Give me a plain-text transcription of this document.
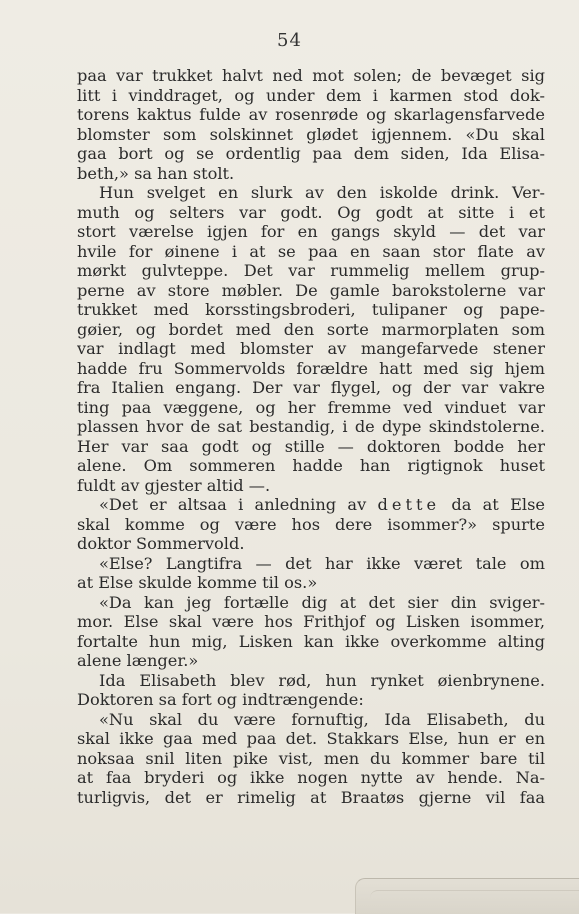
54
paa var trukket halvt ned mot solen; de bevæget sig
litt i vinddraget, og under dem i karmen stod dok-
torens kaktus fulde av rosenrøde og skarlagensfarvede
blomster som solskinnet glødet igjennem. «Du skal
gaa bort og se ordentlig paa dem siden, Ida Elisa-
beth,» sa han stolt.
Hun svelget en slurk av den iskolde drink. Ver-
muth og selters var godt. Og godt at sitte i et
stort værelse igjen for en gangs skyld — det var
hvile for øinene i at se paa en saan stor flate av
mørkt gulvteppe. Det var rummelig mellem grup-
perne av store møbler. De gamle barokstolerne var
trukket med korsstingsbroderi, tulipaner og pape-
gøier, og bordet med den sorte marmorplaten som
var indlagt med blomster av mangefarvede stener
hadde fru Sommervolds forældre hatt med sig hjem
fra Italien engang. Der var flygel, og der var vakre
ting paa væggene, og her fremme ved vinduet var
plassen hvor de sat bestandig, i de dype skindstolerne.
Her var saa godt og stille — doktoren bodde her
alene. Om sommeren hadde han rigtignok huset
fuldt av gjester altid —.
«Det er altsaa i anledning av dette da at Else
skal komme og være hos dere isommer?» spurte
doktor Sommervold.
«Else? Langtifra — det har ikke været tale om
at Else skulde komme til os.»
«Da kan jeg fortælle dig at det sier din sviger-
mor. Else skal være hos Frithjof og Lisken isommer,
fortalte hun mig, Lisken kan ikke overkomme alting
alene længer.»
Ida Elisabeth blev rød, hun rynket øienbrynene.
Doktoren sa fort og indtrængende:
«Nu skal du være fornuftig, Ida Elisabeth, du
skal ikke gaa med paa det. Stakkars Else, hun er en
noksaa snil liten pike vist, men du kommer bare til
at faa bryderi og ikke nogen nytte av hende. Na-
turligvis, det er rimelig at Braatøs gjerne vil faa
